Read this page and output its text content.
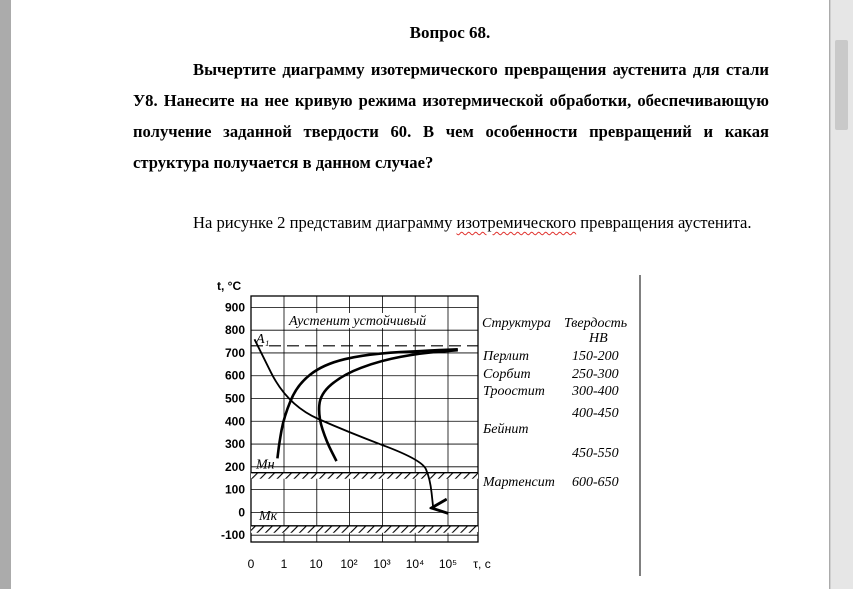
Вопрос 68.

Вычертите диаграмму изотермического превращения аустенита для стали У8. Нанесите на нее кривую режима изотермической обработки, обеспечивающую получение заданной твердости 60. В чем особенности превращений и какая структура получается в данном случае?

На рисунке 2 представим диаграмму изотремического превращения аустенита.

900
800
700
600
500
400
300
200
100
0
-100
t, °C
0 1 10 10² 10³ 10⁴ 10⁵ τ, с
Аустенит устойчивый
A₁
Mн
Mк
Структура Твердость
HB
Перлит	150-200
Сорбит	250-300
Троостит 300-400
400-450
Бейнит
450-550
Мартенсит 600-650
